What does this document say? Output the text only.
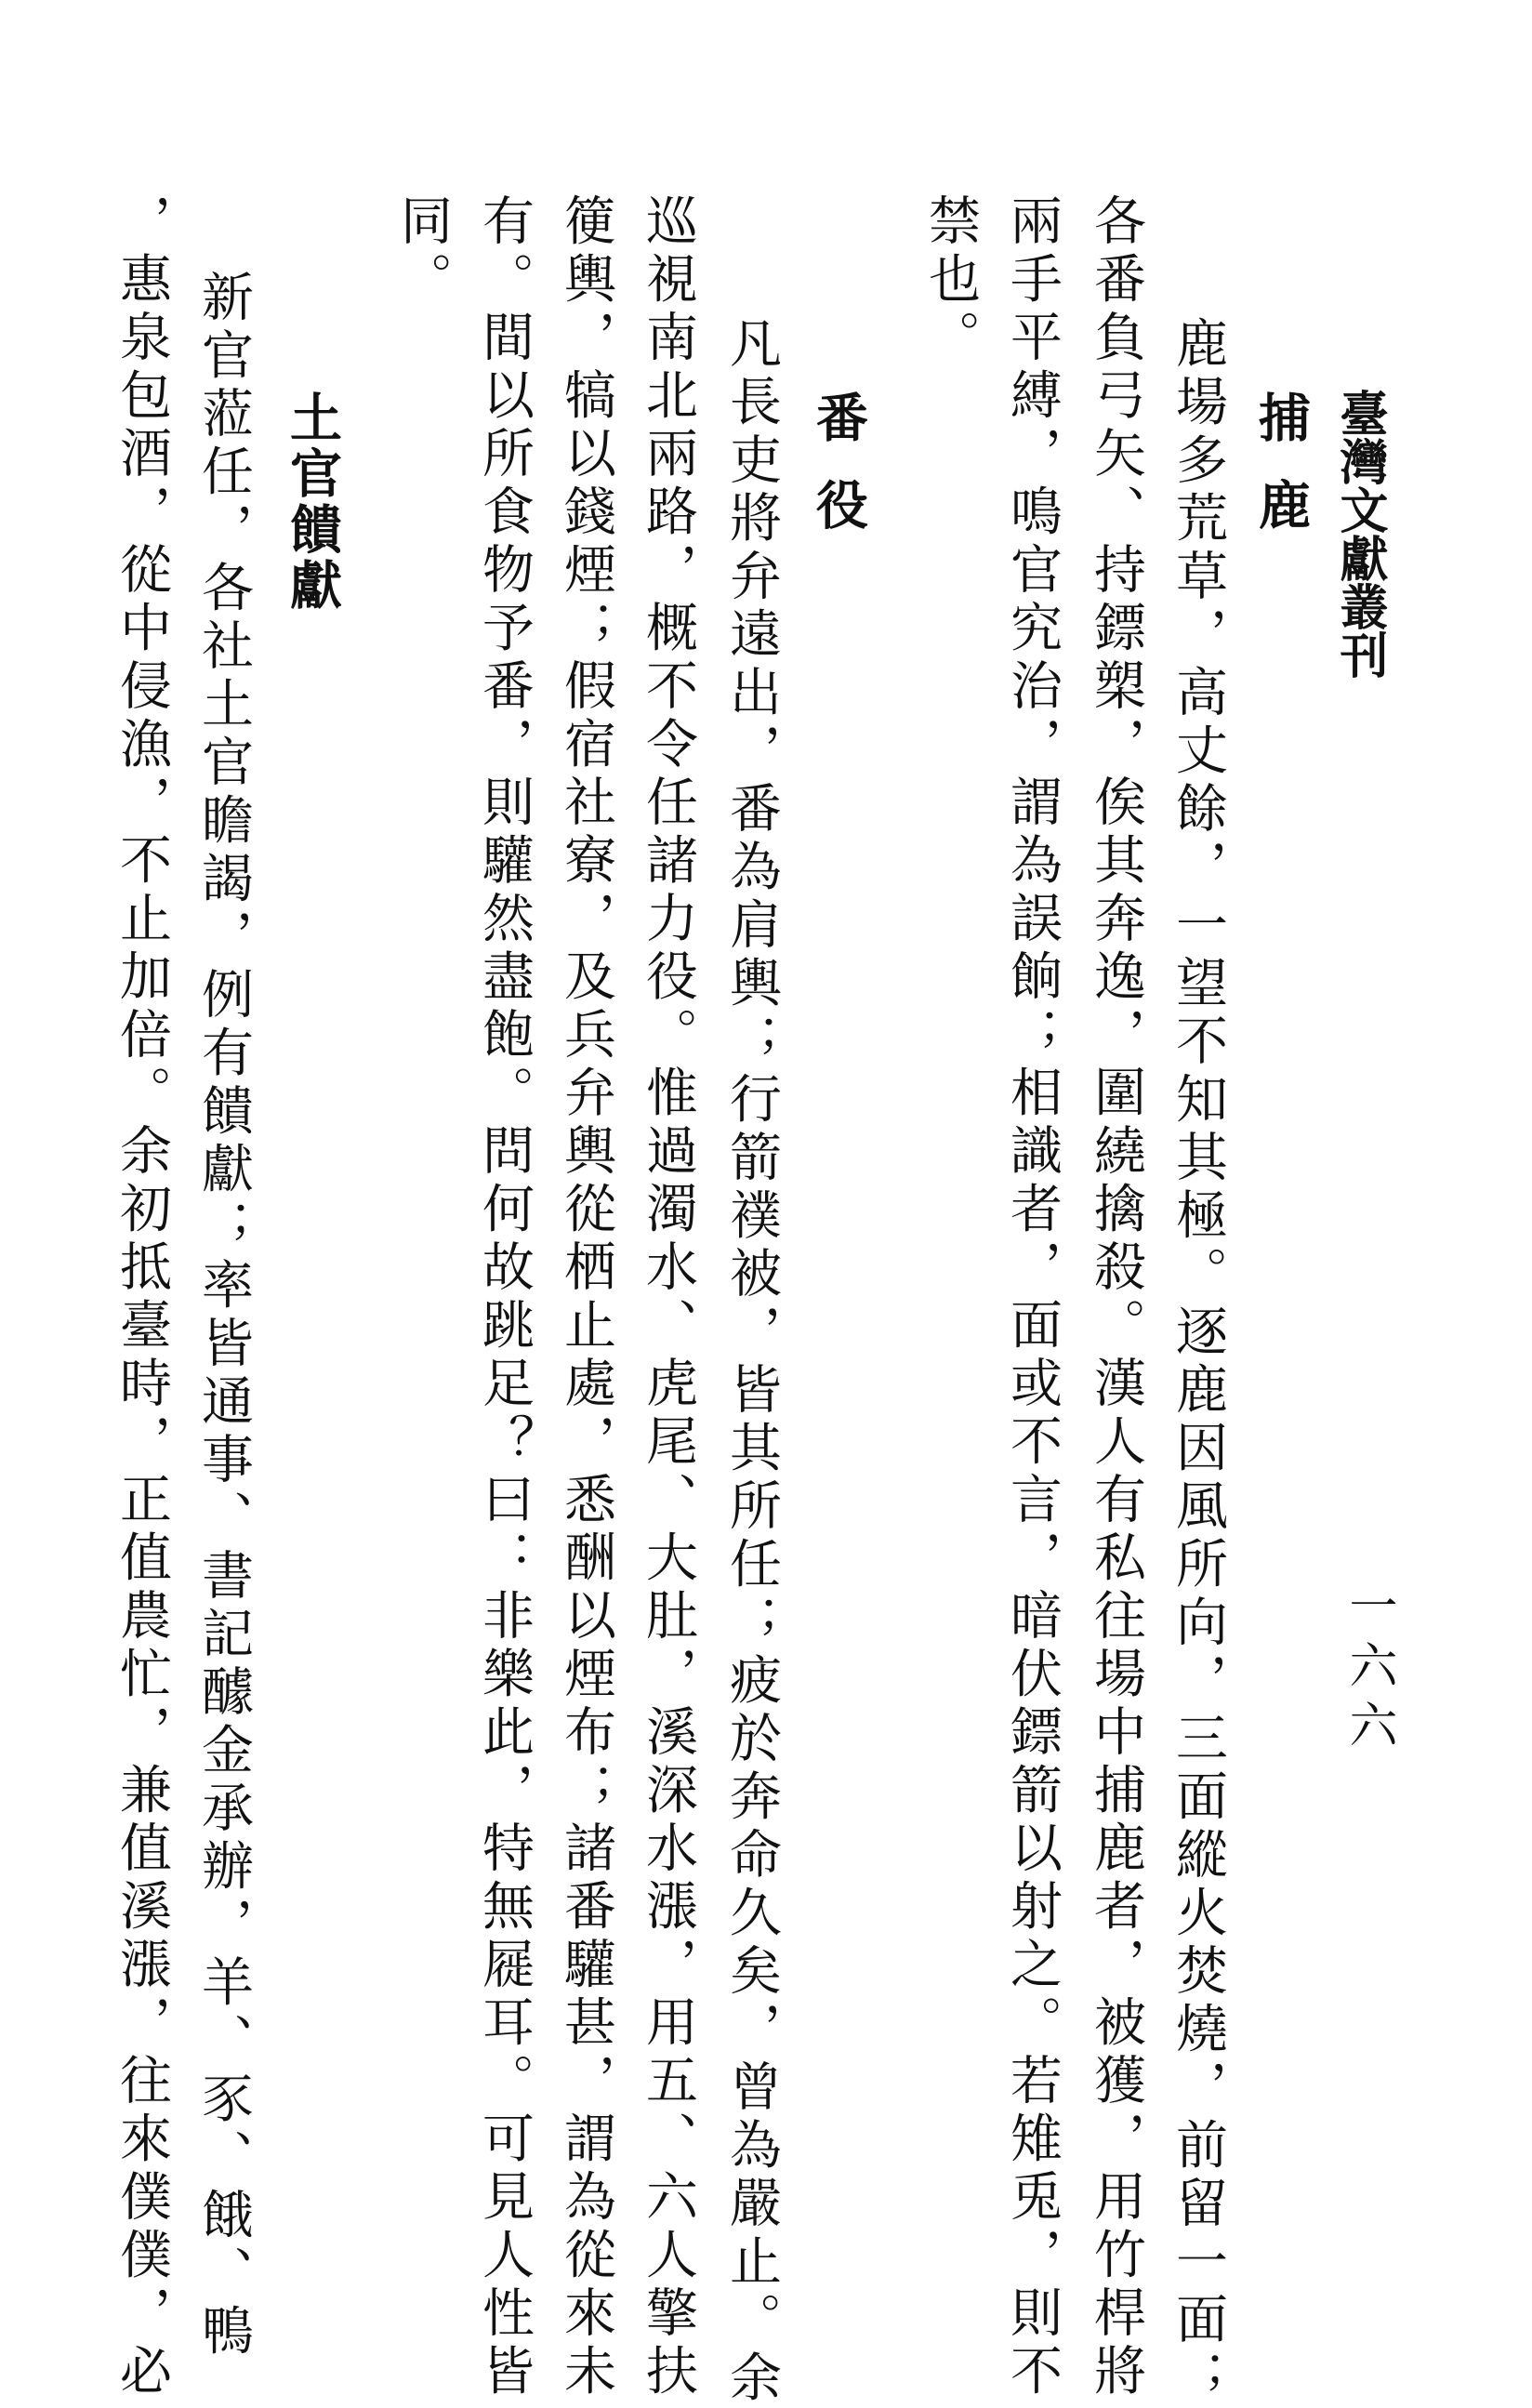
臺灣文獻叢刊
一六六
捕鹿
鹿場多荒草，高丈餘，一望不知其極。逐鹿因風所向，三面縱火焚燒，前留一面；
各番負弓矢、持鏢槊，俟其奔逸，圍繞擒殺。漢人有私往場中捕鹿者，被獲，用竹桿將
兩手平縛，鳴官究治，謂為誤餉；相識者，面或不言，暗伏鏢箭以射之。若雉兎，則不
禁也。
番役
凡長吏將弁遠出，番為肩輿；行箭襆被，皆其所任；疲於奔命久矣，曾為嚴止。余
巡視南北兩路，概不令任諸力役。惟過濁水、虎尾、大肚，溪深水漲，用五、六人擎扶
箯輿，犒以錢煙；假宿社寮，及兵弁輿從栖止處，悉酬以煙布；諸番驩甚，謂為從來未
有。間以所食物予番，則驩然盡飽。問何故跳足？曰：非樂此，特無屣耳。可見人性皆
同。
土官饋獻
新官蒞任，各社土官瞻謁，例有饋獻；率皆通事、書記醵金承辦，羊、豕、餓、鴨
，惠泉包酒，從中侵漁，不止加倍。余初抵臺時，正值農忙，兼值溪漲，往來僕僕，必
